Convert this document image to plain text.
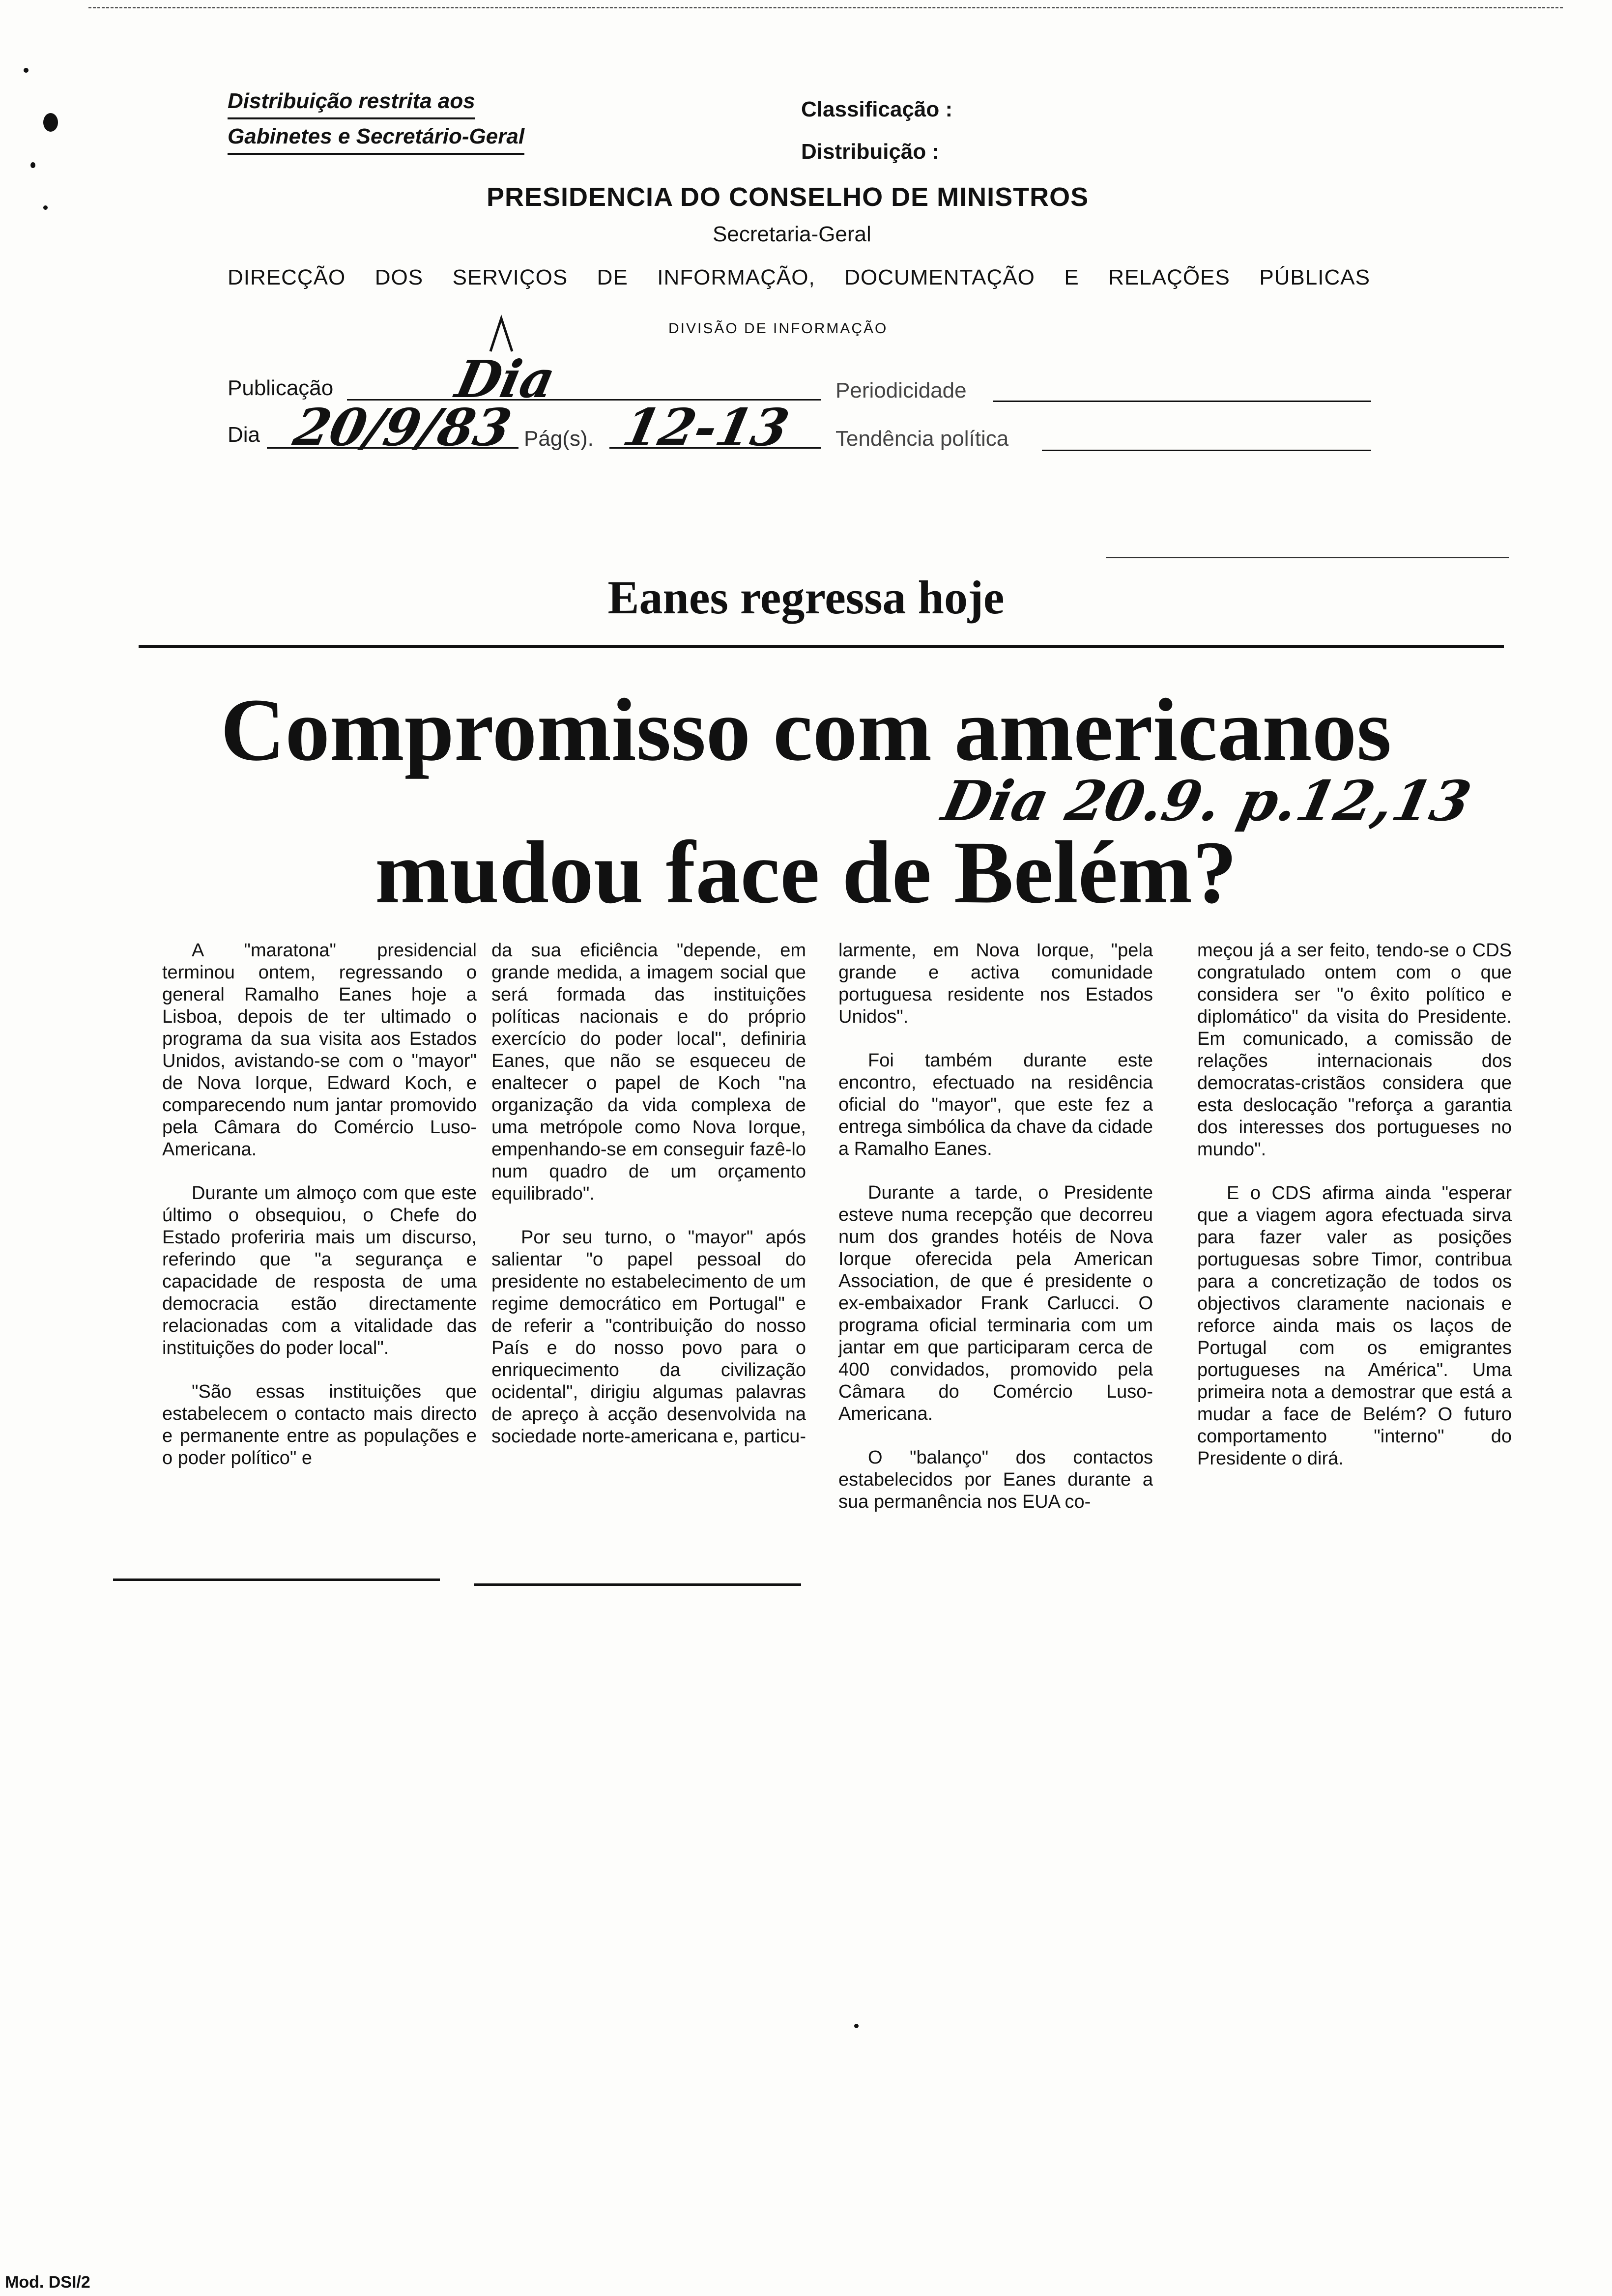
Distribuição restrita aos
Gabinetes e Secretário-Geral
Classificação :
Distribuição :
PRESIDENCIA DO CONSELHO DE MINISTROS
Secretaria-Geral
DIRECÇÃO DOS SERVIÇOS DE INFORMAÇÃO, DOCUMENTAÇÃO E RELAÇÕES PÚBLICAS
DIVISÃO DE INFORMAÇÃO
Publicação Dia	Periodicidade
Dia 20/9/83 Pág(s). 12-13 Tendência política
Eanes regressa hoje
Compromisso com americanos
mudou face de Belém?
Dia 20.9. p.12,13

A "maratona" presidencial terminou ontem, regressando o general Ramalho Eanes hoje a Lisboa, depois de ter ultimado o programa da sua visita aos Estados Unidos, avistando-se com o "mayor" de Nova Iorque, Edward Koch, e comparecendo num jantar promovido pela Câmara do Comércio Luso-Americana.

Durante um almoço com que este último o obsequiou, o Chefe do Estado proferiria mais um discurso, referindo que "a segurança e capacidade de resposta de uma democracia estão directamente relacionadas com a vitalidade das instituições do poder local".

"São essas instituições que estabelecem o contacto mais directo e permanente entre as populações e o poder político" e

da sua eficiência "depende, em grande medida, a imagem social que será formada das instituições políticas nacionais e do próprio exercício do poder local", definiria Eanes, que não se esqueceu de enaltecer o papel de Koch "na organização da vida complexa de uma metrópole como Nova Iorque, empenhando-se em conseguir fazê-lo num quadro de um orçamento equilibrado".

Por seu turno, o "mayor" após salientar "o papel pessoal do presidente no estabelecimento de um regime democrático em Portugal" e de referir a "contribuição do nosso País e do nosso povo para o enriquecimento da civilização ocidental", dirigiu algumas palavras de apreço à acção desenvolvida na sociedade norte-americana e, particu-

larmente, em Nova Iorque, "pela grande e activa comunidade portuguesa residente nos Estados Unidos".

Foi também durante este encontro, efectuado na residência oficial do "mayor", que este fez a entrega simbólica da chave da cidade a Ramalho Eanes.

Durante a tarde, o Presidente esteve numa recepção que decorreu num dos grandes hotéis de Nova Iorque oferecida pela American Association, de que é presidente o ex-embaixador Frank Carlucci. O programa oficial terminaria com um jantar em que participaram cerca de 400 convidados, promovido pela Câmara do Comércio Luso-Americana.

O "balanço" dos contactos estabelecidos por Eanes durante a sua permanência nos EUA co-

meçou já a ser feito, tendo-se o CDS congratulado ontem com o que considera ser "o êxito político e diplomático" da visita do Presidente. Em comunicado, a comissão de relações internacionais dos democratas-cristãos considera que esta deslocação "reforça a garantia dos interesses dos portugueses no mundo".

E o CDS afirma ainda "esperar que a viagem agora efectuada sirva para fazer valer as posições portuguesas sobre Timor, contribua para a concretização de todos os objectivos claramente nacionais e reforce ainda mais os laços de Portugal com os emigrantes portugueses na América". Uma primeira nota a demostrar que está a mudar a face de Belém? O futuro comportamento "interno" do Presidente o dirá.

Mod. DSI/2
